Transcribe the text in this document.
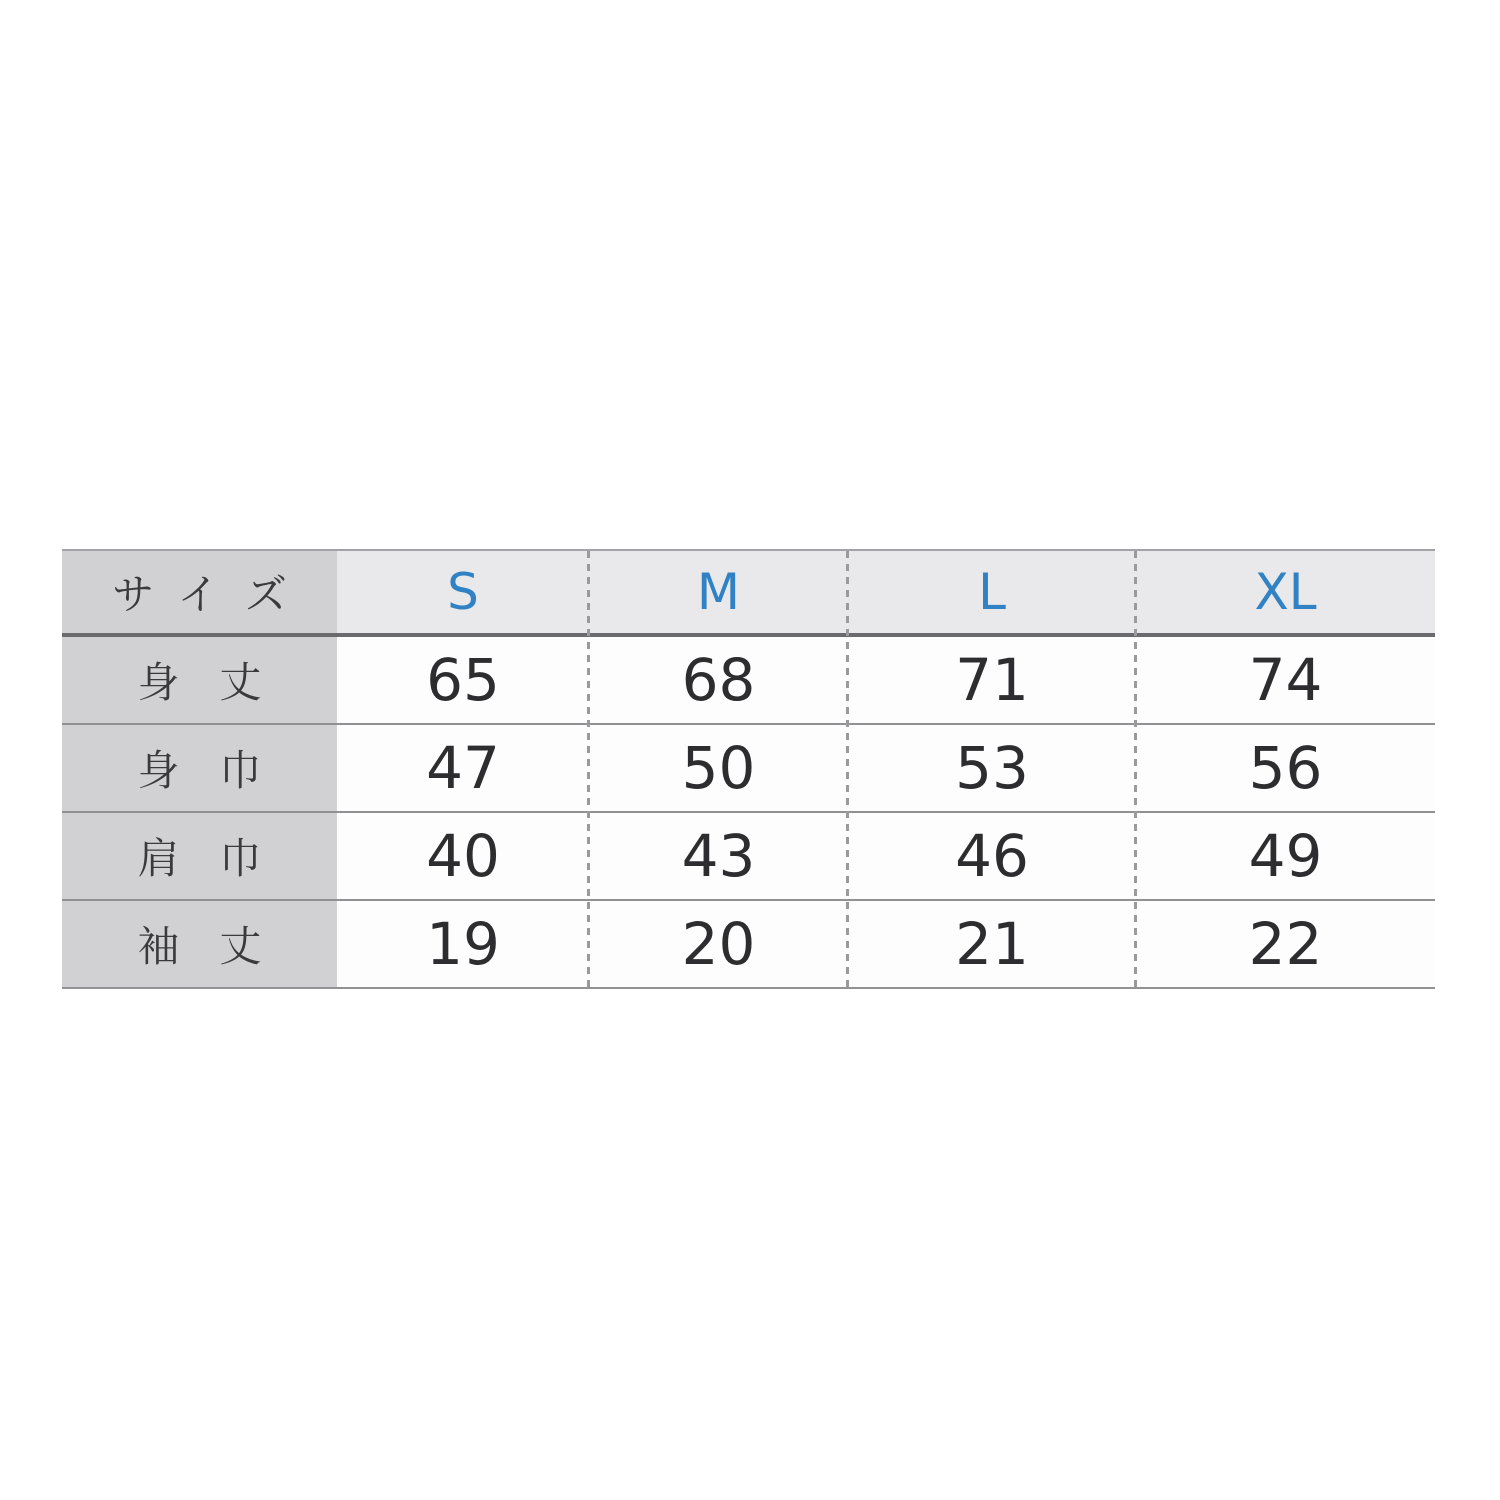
サイズ	S	M	L	XL
身丈 65	68	71	74
身巾 47	50	53	56
肩巾 40	43	46	49
袖丈 19	20	21	22
